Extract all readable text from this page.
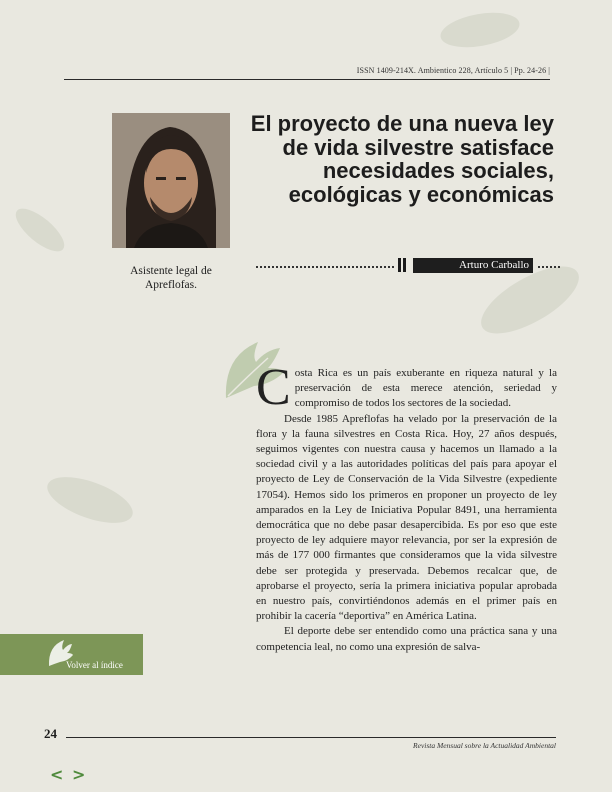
ISSN 1409-214X. Ambientico 228, Artículo 5 | Pp. 24-26 |
Asistente legal de Apreflofas.
El proyecto de una nueva ley de vida silvestre satisface necesidades sociales, ecológicas y económicas
Arturo Carballo

Costa Rica es un país exuberante en riqueza natural y la preservación de esta merece atención, seriedad y compromiso de todos los sectores de la sociedad.

Desde 1985 Apreflofas ha velado por la preservación de la flora y la fauna silvestres en Costa Rica. Hoy, 27 años después, seguimos vigentes con nuestra causa y hacemos un llamado a la sociedad civil y a las autoridades políticas del país para apoyar el proyecto de Ley de Conservación de la Vida Silvestre (expediente 17054). Hemos sido los primeros en proponer un proyecto de ley amparados en la Ley de Iniciativa Popular 8491, una herramienta democrática que no debe pasar desapercibida. Es por eso que este proyecto de ley adquiere mayor relevancia, por ser la expresión de más de 177 000 firmantes que consideramos que la vida silvestre debe ser protegida y preservada. Debemos recalcar que, de aprobarse el proyecto, sería la primera iniciativa popular aprobada en nuestro país, convirtiéndonos además en el primer país en prohibir la cacería “deportiva” en América Latina.

El deporte debe ser entendido como una práctica sana y una competencia leal, no como una expresión de salva-

Volver al índice
24
Revista Mensual sobre la Actualidad Ambiental
< >
